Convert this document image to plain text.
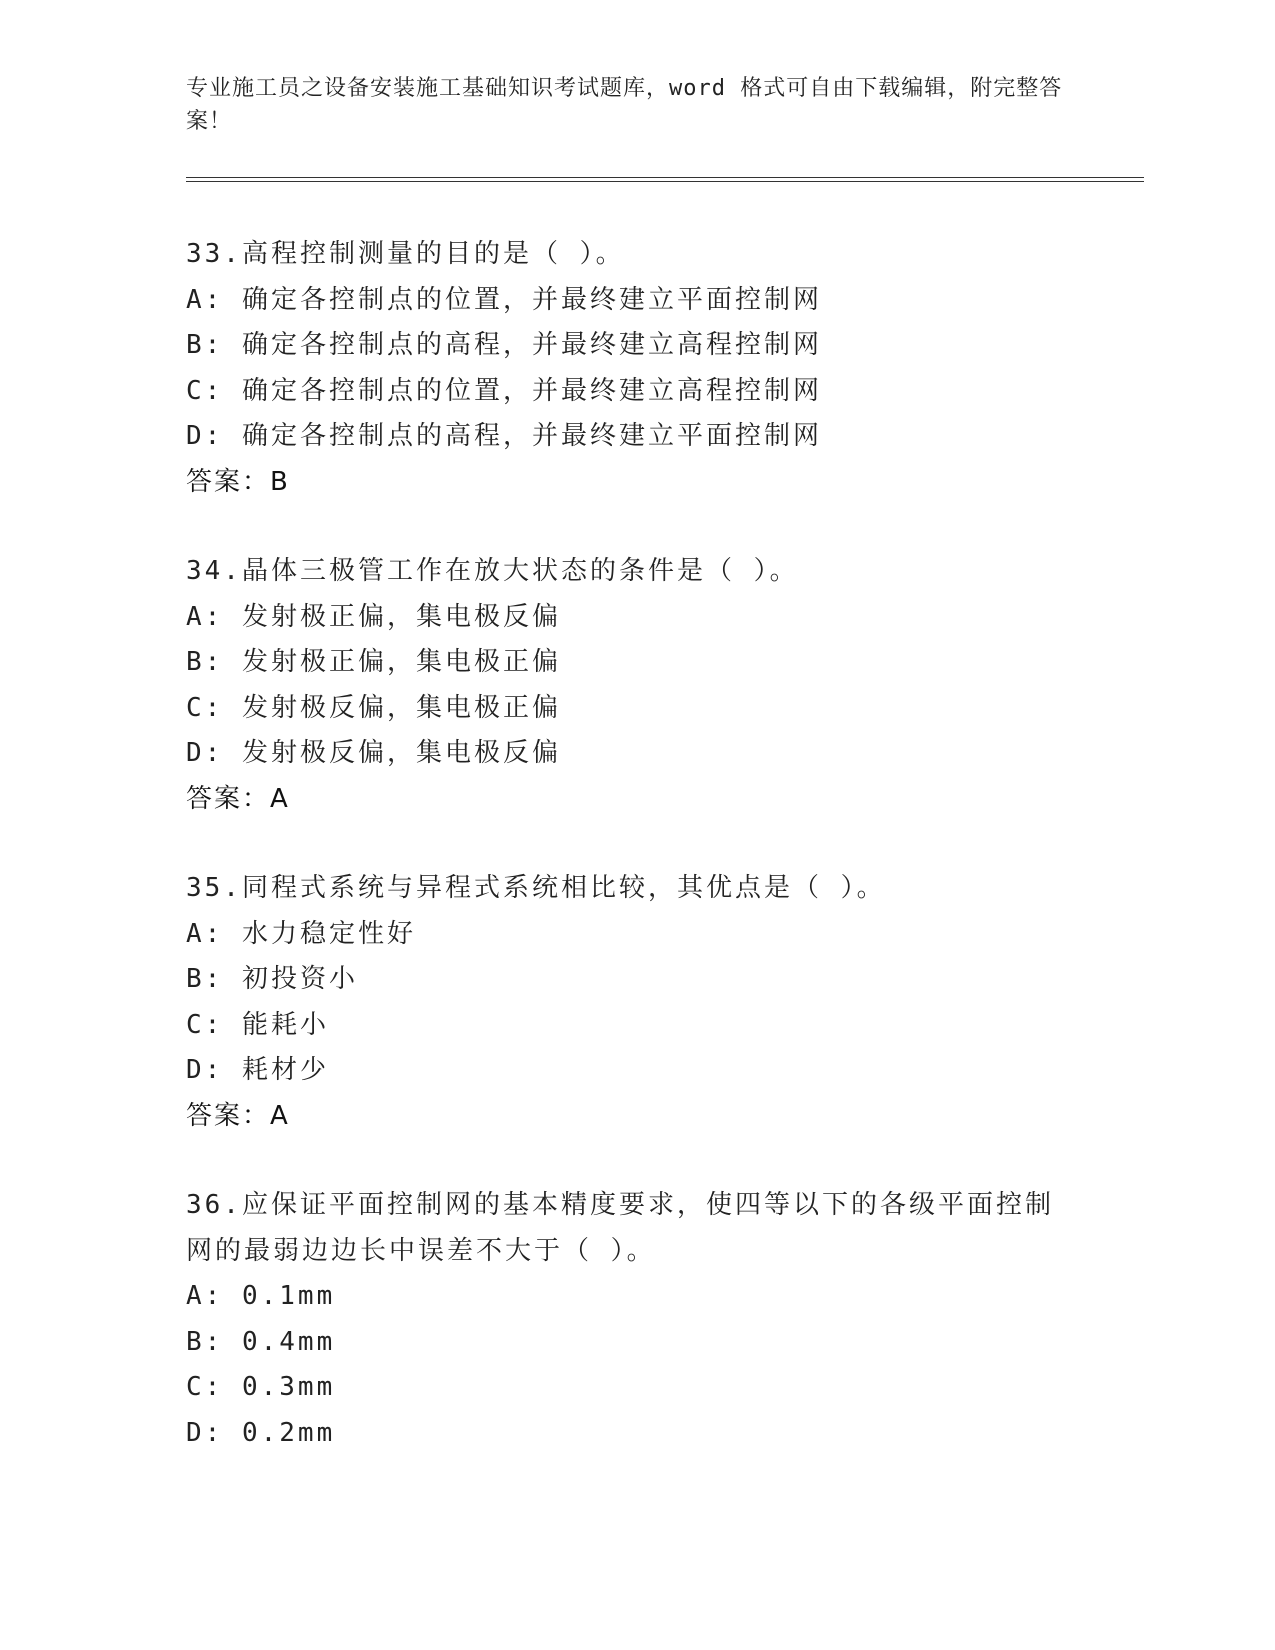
专业施工员之设备安装施工基础知识考试题库，word 格式可自由下载编辑，附完整答案！
33.高程控制测量的目的是（ ）。
A: 确定各控制点的位置，并最终建立平面控制网
B: 确定各控制点的高程，并最终建立高程控制网
C: 确定各控制点的位置，并最终建立高程控制网
D: 确定各控制点的高程，并最终建立平面控制网
答案：B
34.晶体三极管工作在放大状态的条件是（ ）。
A: 发射极正偏，集电极反偏
B: 发射极正偏，集电极正偏
C: 发射极反偏，集电极正偏
D: 发射极反偏，集电极反偏
答案：A
35.同程式系统与异程式系统相比较，其优点是（ ）。
A: 水力稳定性好
B: 初投资小
C: 能耗小
D: 耗材少
答案：A
36.应保证平面控制网的基本精度要求，使四等以下的各级平面控制网的最弱边边长中误差不大于（ ）。
A: 0.1mm
B: 0.4mm
C: 0.3mm
D: 0.2mm
